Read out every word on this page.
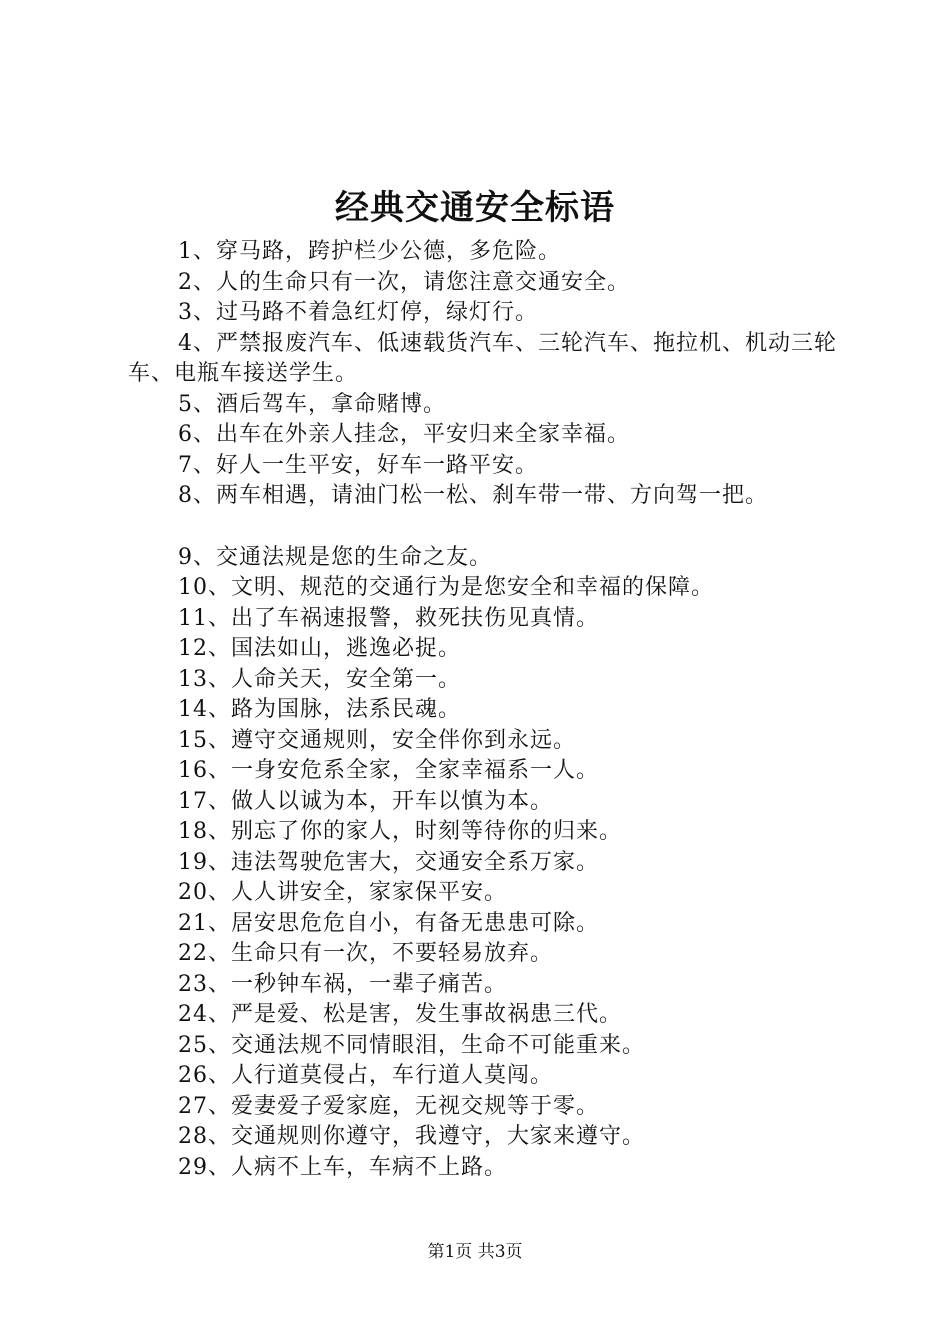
经典交通安全标语
1、穿马路，跨护栏少公德，多危险。
2、人的生命只有一次，请您注意交通安全。
3、过马路不着急红灯停，绿灯行。
4、严禁报废汽车、低速载货汽车、三轮汽车、拖拉机、机动三轮车、电瓶车接送学生。
5、酒后驾车，拿命赌博。
6、出车在外亲人挂念，平安归来全家幸福。
7、好人一生平安，好车一路平安。
8、两车相遇，请油门松一松、刹车带一带、方向驾一把。
9、交通法规是您的生命之友。
10、文明、规范的交通行为是您安全和幸福的保障。
11、出了车祸速报警，救死扶伤见真情。
12、国法如山，逃逸必捉。
13、人命关天，安全第一。
14、路为国脉，法系民魂。
15、遵守交通规则，安全伴你到永远。
16、一身安危系全家，全家幸福系一人。
17、做人以诚为本，开车以慎为本。
18、别忘了你的家人，时刻等待你的归来。
19、违法驾驶危害大，交通安全系万家。
20、人人讲安全，家家保平安。
21、居安思危危自小，有备无患患可除。
22、生命只有一次，不要轻易放弃。
23、一秒钟车祸，一辈子痛苦。
24、严是爱、松是害，发生事故祸患三代。
25、交通法规不同情眼泪，生命不可能重来。
26、人行道莫侵占，车行道人莫闯。
27、爱妻爱子爱家庭，无视交规等于零。
28、交通规则你遵守，我遵守，大家来遵守。
29、人病不上车，车病不上路。
第1页 共3页
